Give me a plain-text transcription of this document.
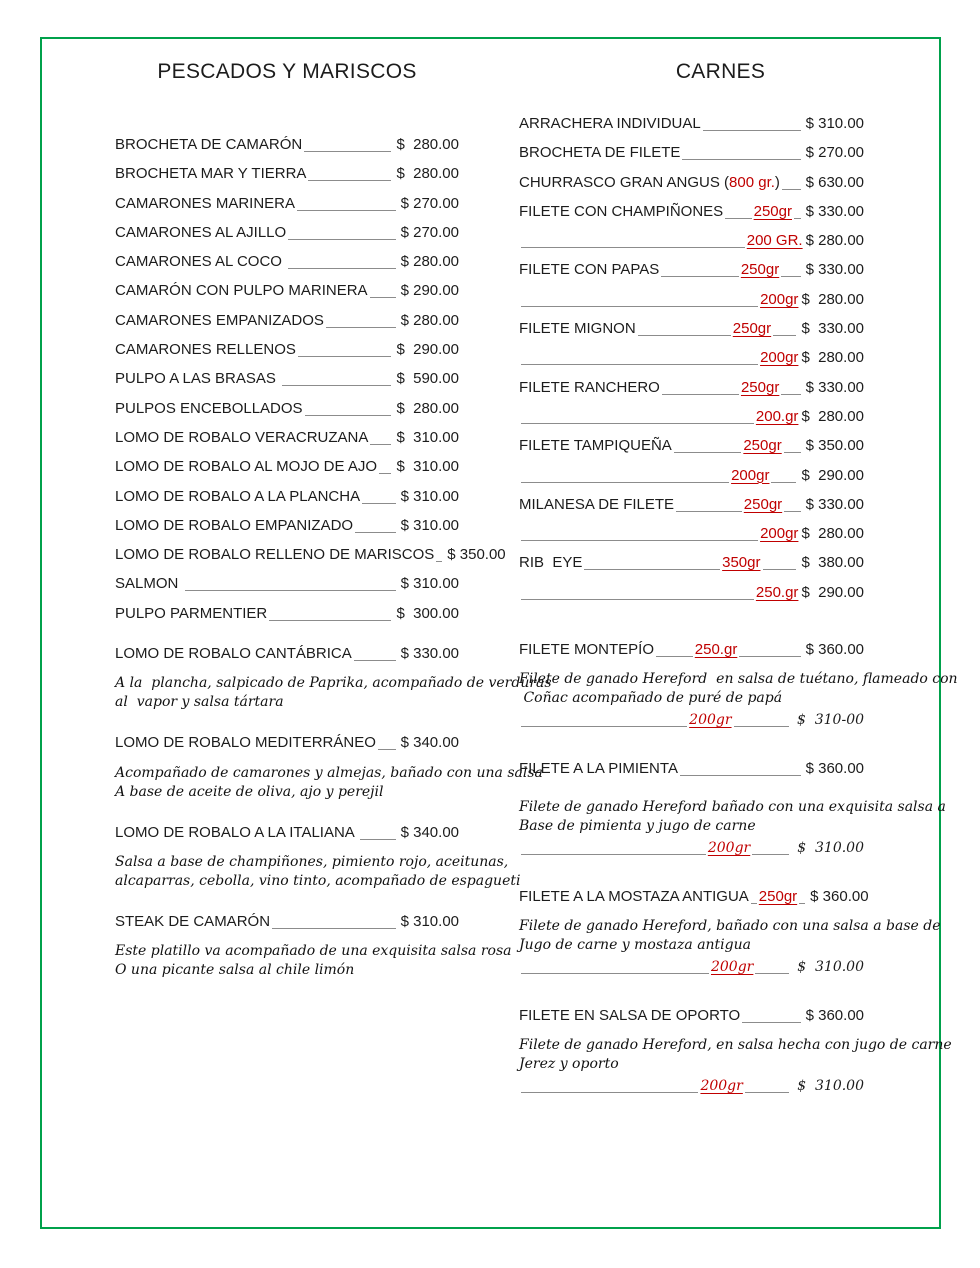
PESCADOS Y MARISCOS
BROCHETA DE CAMARÓN	$  280.00
BROCHETA MAR Y TIERRA	$  280.00
CAMARONES MARINERA	$ 270.00
CAMARONES AL AJILLO	$ 270.00
CAMARONES AL COCO	$ 280.00
CAMARÓN CON PULPO MARINERA $ 290.00
CAMARONES EMPANIZADOS	$ 280.00
CAMARONES RELLENOS	$  290.00
PULPO A LAS BRASAS	$  590.00
PULPOS ENCEBOLLADOS	$  280.00
LOMO DE ROBALO VERACRUZANA $  310.00
LOMO DE ROBALO AL MOJO DE AJO $  310.00
LOMO DE ROBALO A LA PLANCHA	$ 310.00
LOMO DE ROBALO EMPANIZADO	$ 310.00
LOMO DE ROBALO RELLENO DE MARISCOS $ 350.00
SALMON	$ 310.00
PULPO PARMENTIER	$  300.00
LOMO DE ROBALO CANTÁBRICA	$ 330.00
A la  plancha, salpicado de Paprika, acompañado de verduras
al  vapor y salsa tártara
LOMO DE ROBALO MEDITERRÁNEO $ 340.00
Acompañado de camarones y almejas, bañado con una salsa
A base de aceite de oliva, ajo y perejil
LOMO DE ROBALO A LA ITALIANA	$ 340.00
Salsa a base de champiñones, pimiento rojo, aceitunas,
alcaparras, cebolla, vino tinto, acompañado de espagueti
STEAK DE CAMARÓN	$ 310.00
Este platillo va acompañado de una exquisita salsa rosa
O una picante salsa al chile limón
CARNES
ARRACHERA INDIVIDUAL	$ 310.00
BROCHETA DE FILETE	$ 270.00
CHURRASCO GRAN ANGUS ( 800 gr. ) $ 630.00
FILETE CON CHAMPIÑONES 250gr $ 330.00
200 GR. $ 280.00
FILETE CON PAPAS	250gr $ 330.00
200gr $  280.00
FILETE MIGNON	250gr $  330.00
200gr $  280.00
FILETE RANCHERO	250gr $ 330.00
200.gr $  280.00
FILETE TAMPIQUEÑA	250gr $ 350.00
200gr $  290.00
MILANESA DE FILETE	250gr $ 330.00
200gr $  280.00
RIB  EYE	350gr	$  380.00
250.gr $  290.00
FILETE MONTEPÍO	250.gr	$ 360.00
Filete de ganado Hereford  en salsa de tuétano, flameado con
Coñac acompañado de puré de papá
200gr	$  310-00
FILETE A LA PIMIENTA	$ 360.00
Filete de ganado Hereford bañado con una exquisita salsa a
Base de pimienta y jugo de carne
200gr	$  310.00
FILETE A LA MOSTAZA ANTIGUA 250gr $ 360.00
Filete de ganado Hereford, bañado con una salsa a base de
Jugo de carne y mostaza antigua
200gr	$  310.00
FILETE EN SALSA DE OPORTO	$ 360.00
Filete de ganado Hereford, en salsa hecha con jugo de carne
Jerez y oporto
200gr	$  310.00
